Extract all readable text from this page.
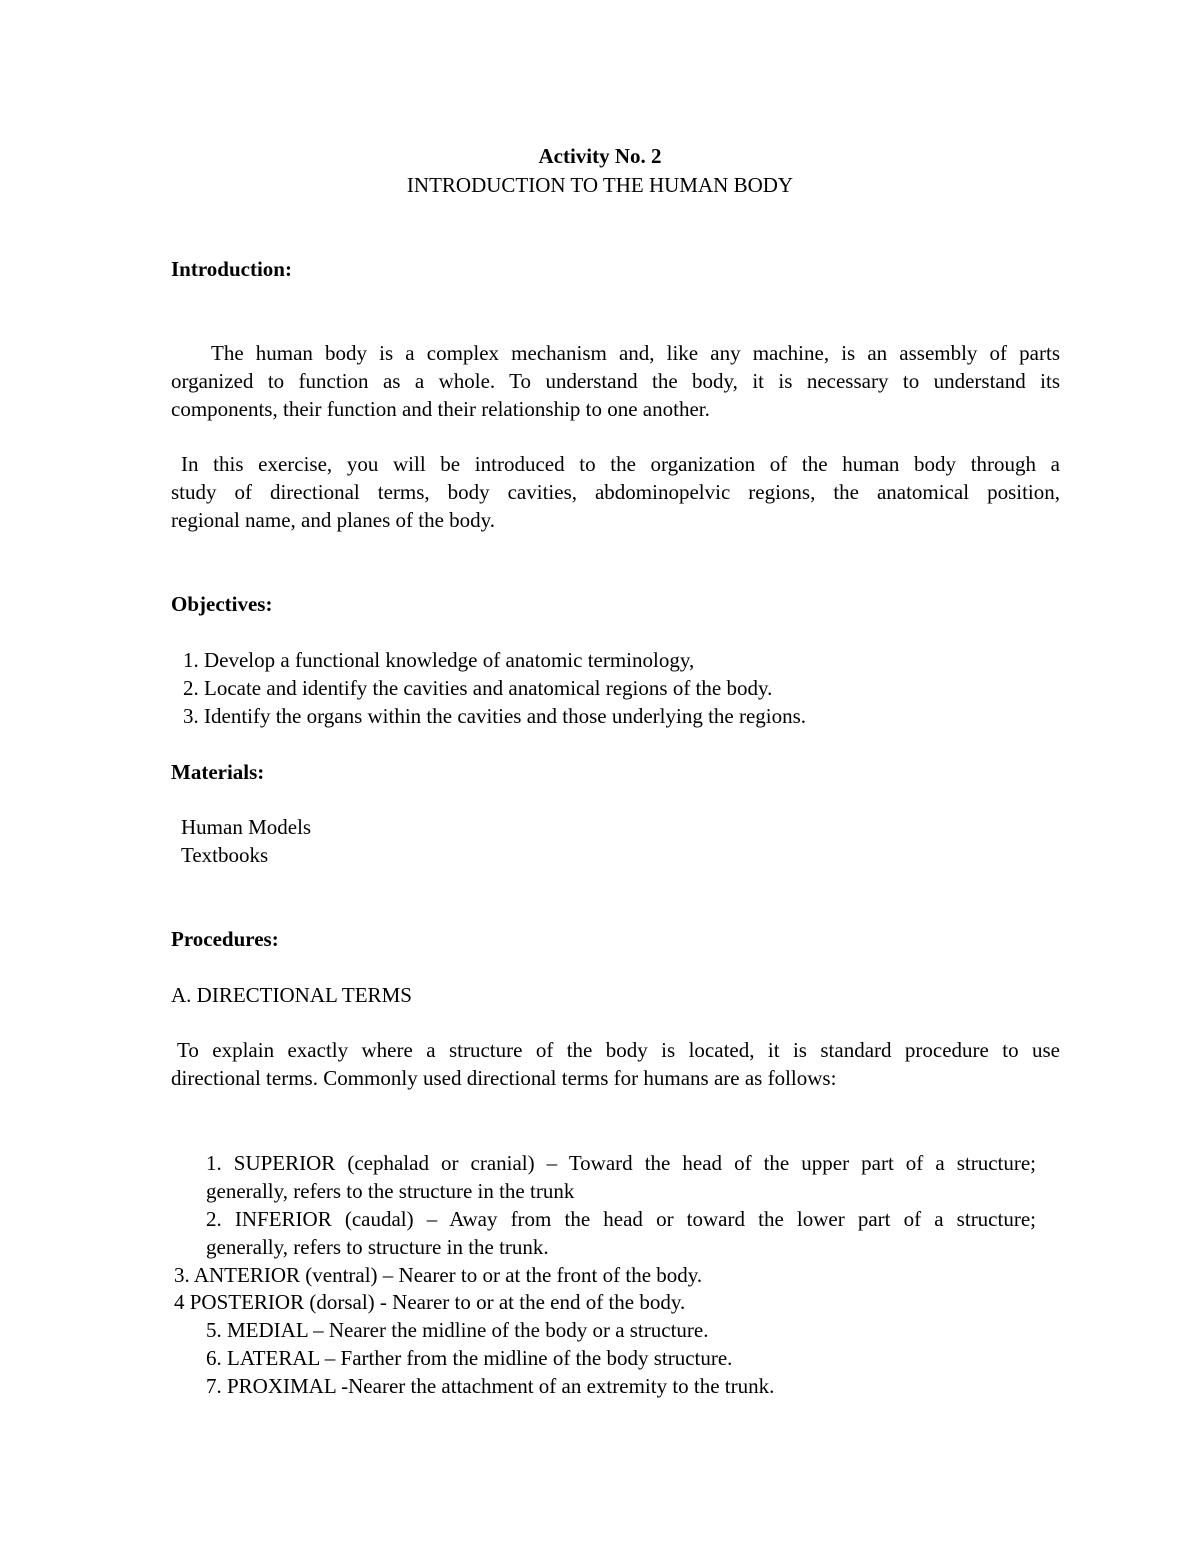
Activity No. 2
INTRODUCTION TO THE HUMAN BODY
Introduction:
The human body is a complex mechanism and, like any machine, is an assembly of parts
organized to function as a whole. To understand the body, it is necessary to understand its
components, their function and their relationship to one another.
In this exercise, you will be introduced to the organization of the human body through a
study of directional terms, body cavities, abdominopelvic regions, the anatomical position,
regional name, and planes of the body.
Objectives:
1. Develop a functional knowledge of anatomic terminology,
2. Locate and identify the cavities and anatomical regions of the body.
3. Identify the organs within the cavities and those underlying the regions.
Materials:
Human Models
Textbooks
Procedures:
A. DIRECTIONAL TERMS
To explain exactly where a structure of the body is located, it is standard procedure to use
directional terms. Commonly used directional terms for humans are as follows:
1. SUPERIOR (cephalad or cranial) – Toward the head of the upper part of a structure;
generally, refers to the structure in the trunk
2. INFERIOR (caudal) – Away from the head or toward the lower part of a structure;
generally, refers to structure in the trunk.
3. ANTERIOR (ventral) – Nearer to or at the front of the body.
4 POSTERIOR (dorsal) - Nearer to or at the end of the body.
5. MEDIAL – Nearer the midline of the body or a structure.
6. LATERAL – Farther from the midline of the body structure.
7. PROXIMAL -Nearer the attachment of an extremity to the trunk.
